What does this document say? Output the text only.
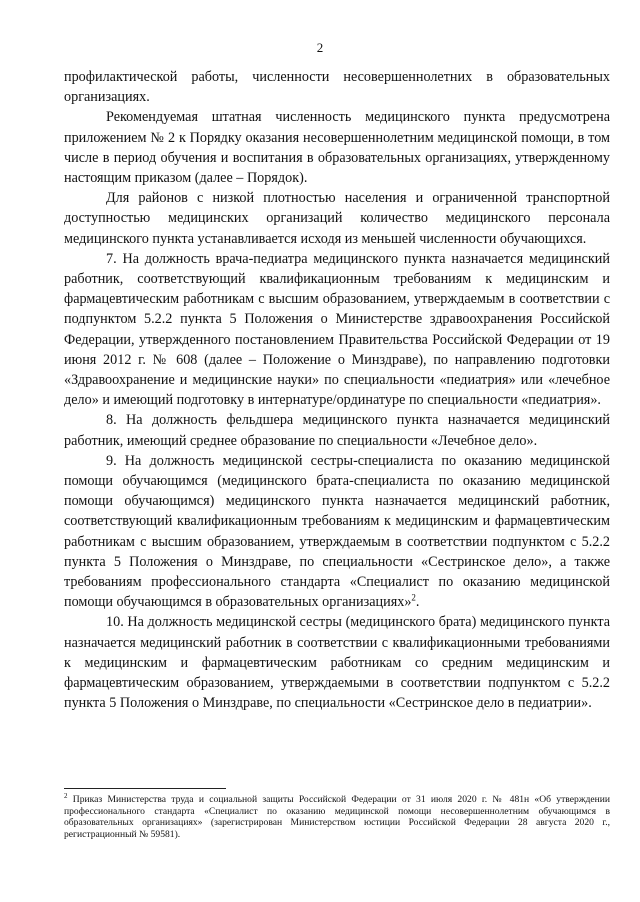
2

профилактической работы, численности несовершеннолетних в образовательных организациях.

Рекомендуемая штатная численность медицинского пункта предусмотрена приложением № 2 к Порядку оказания несовершеннолетним медицинской помощи, в том числе в период обучения и воспитания в образовательных организациях, утвержденному настоящим приказом (далее – Порядок).

Для районов с низкой плотностью населения и ограниченной транспортной доступностью медицинских организаций количество медицинского персонала медицинского пункта устанавливается исходя из меньшей численности обучающихся.

7. На должность врача-педиатра медицинского пункта назначается медицинский работник, соответствующий квалификационным требованиям к медицинским и фармацевтическим работникам с высшим образованием, утверждаемым в соответствии с подпунктом 5.2.2 пункта 5 Положения о Министерстве здравоохранения Российской Федерации, утвержденного постановлением Правительства Российской Федерации от 19 июня 2012 г. № 608 (далее – Положение о Минздраве), по направлению подготовки «Здравоохранение и медицинские науки» по специальности «педиатрия» или «лечебное дело» и имеющий подготовку в интернатуре/ординатуре по специальности «педиатрия».

8. На должность фельдшера медицинского пункта назначается медицинский работник, имеющий среднее образование по специальности «Лечебное дело».

9. На должность медицинской сестры-специалиста по оказанию медицинской помощи обучающимся (медицинского брата-специалиста по оказанию медицинской помощи обучающимся) медицинского пункта назначается медицинский работник, соответствующий квалификационным требованиям к медицинским и фармацевтическим работникам с высшим образованием, утверждаемым в соответствии подпунктом с 5.2.2 пункта 5 Положения о Минздраве, по специальности «Сестринское дело», а также требованиям профессионального стандарта «Специалист по оказанию медицинской помощи обучающимся в образовательных организациях»$^2$.

10. На должность медицинской сестры (медицинского брата) медицинского пункта назначается медицинский работник в соответствии с квалификационными требованиями к медицинским и фармацевтическим работникам со средним медицинским и фармацевтическим образованием, утверждаемыми в соответствии подпунктом с 5.2.2 пункта 5 Положения о Минздраве, по специальности «Сестринское дело в педиатрии».

$^2$ Приказ Министерства труда и социальной защиты Российской Федерации от 31 июля 2020 г. № 481н «Об утверждении профессионального стандарта «Специалист по оказанию медицинской помощи несовершеннолетним обучающимся в образовательных организациях» (зарегистрирован Министерством юстиции Российской Федерации 28 августа 2020 г., регистрационный № 59581).
